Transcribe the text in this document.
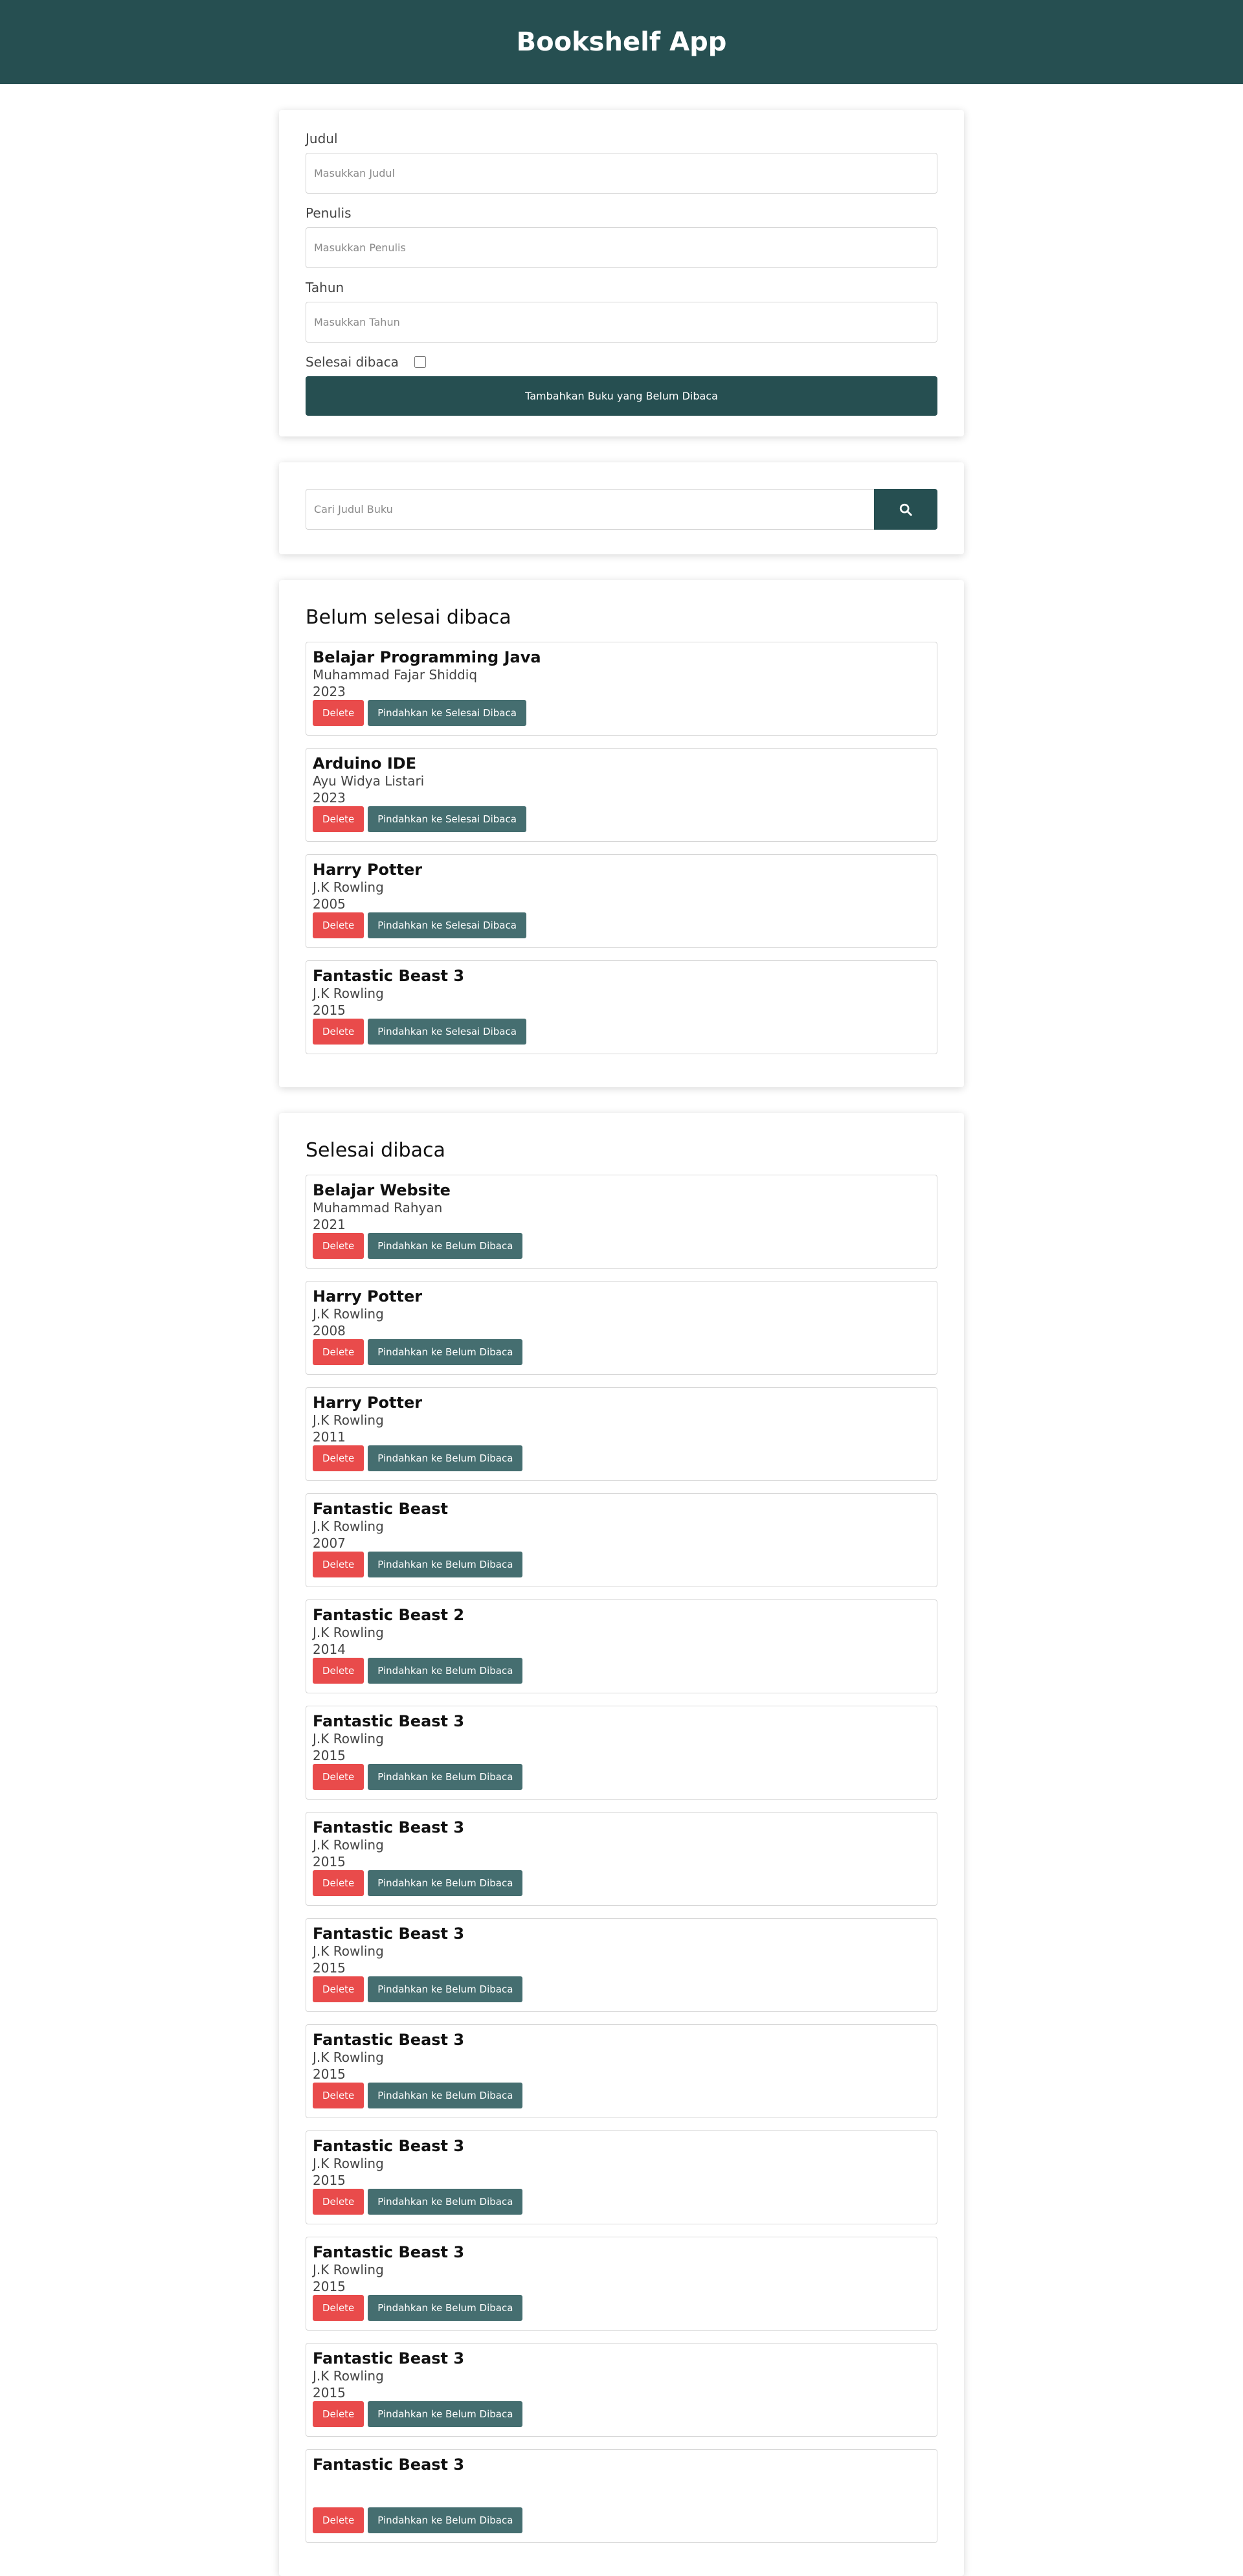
Bookshelf App
Judul
Masukkan Judul
Penulis
Masukkan Penulis
Tahun
Masukkan Tahun
Selesai dibaca
Tambahkan Buku yang Belum Dibaca
Cari Judul Buku
Belum selesai dibaca
Belajar Programming Java

Muhammad Fajar Shiddiq

2023

Delete	Pindahkan ke Selesai Dibaca
Arduino IDE

Ayu Widya Listari

2023

Delete	Pindahkan ke Selesai Dibaca
Harry Potter

J.K Rowling

2005

Delete	Pindahkan ke Selesai Dibaca
Fantastic Beast 3

J.K Rowling

2015

Delete	Pindahkan ke Selesai Dibaca
Selesai dibaca
Belajar Website

Muhammad Rahyan

2021

Delete	Pindahkan ke Belum Dibaca
Harry Potter

J.K Rowling

2008

Delete	Pindahkan ke Belum Dibaca
Harry Potter

J.K Rowling

2011

Delete	Pindahkan ke Belum Dibaca
Fantastic Beast

J.K Rowling

2007

Delete	Pindahkan ke Belum Dibaca
Fantastic Beast 2

J.K Rowling

2014

Delete	Pindahkan ke Belum Dibaca
Fantastic Beast 3

J.K Rowling

2015

Delete	Pindahkan ke Belum Dibaca
Fantastic Beast 3

J.K Rowling

2015

Delete	Pindahkan ke Belum Dibaca
Fantastic Beast 3

J.K Rowling

2015

Delete	Pindahkan ke Belum Dibaca
Fantastic Beast 3

J.K Rowling

2015

Delete	Pindahkan ke Belum Dibaca
Fantastic Beast 3

J.K Rowling

2015

Delete	Pindahkan ke Belum Dibaca
Fantastic Beast 3

J.K Rowling

2015

Delete	Pindahkan ke Belum Dibaca
Fantastic Beast 3

J.K Rowling

2015

Delete	Pindahkan ke Belum Dibaca
Fantastic Beast 3

Delete	Pindahkan ke Belum Dibaca
